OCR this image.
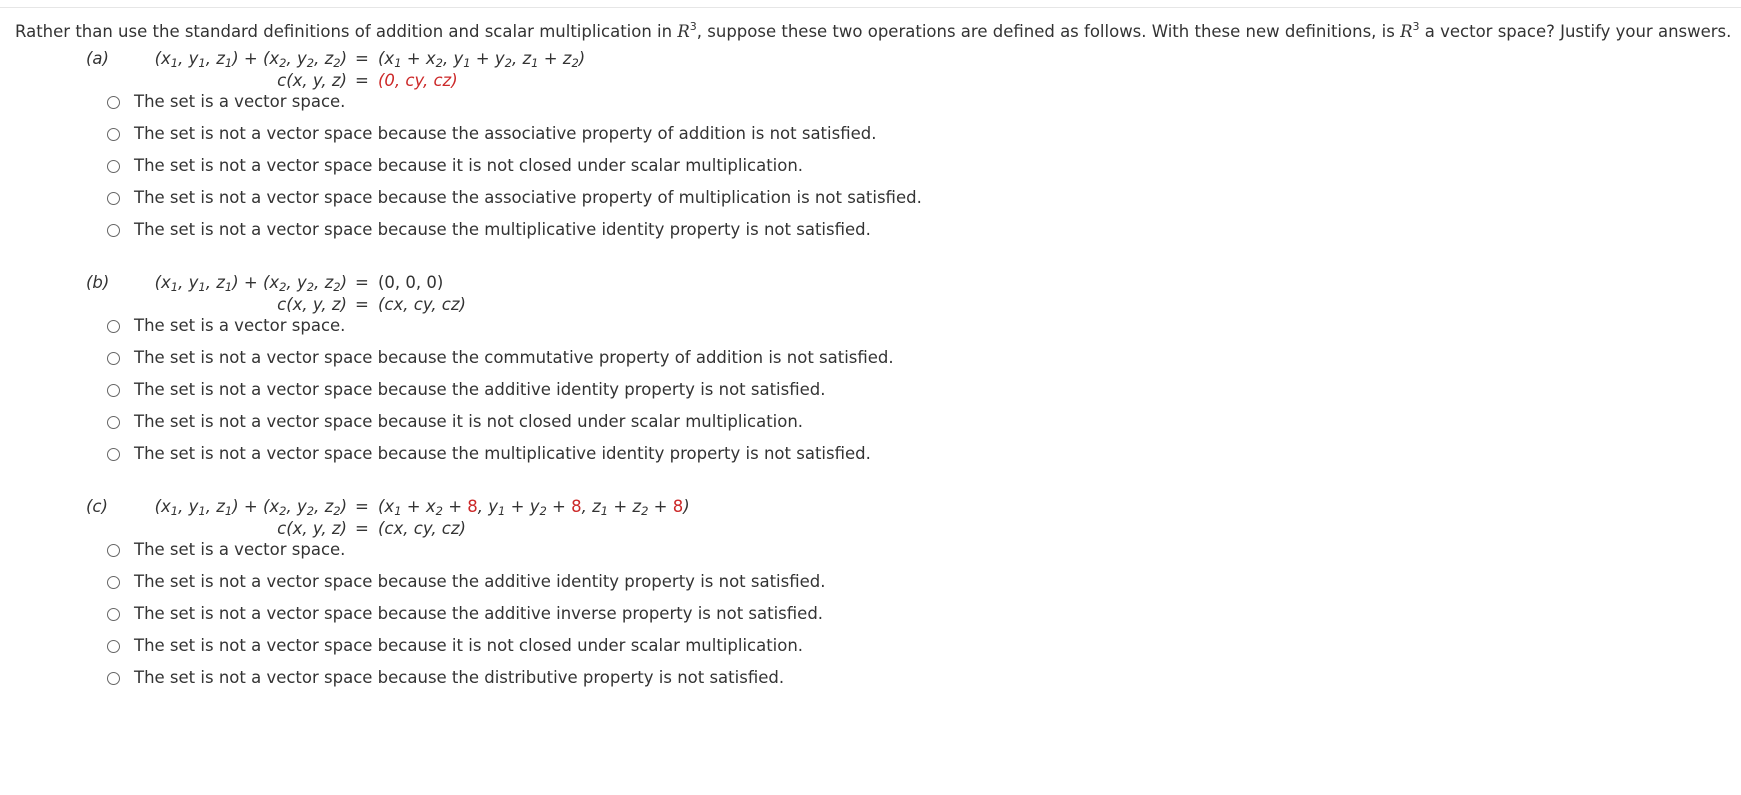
Rather than use the standard definitions of addition and scalar multiplication in $R^3$, suppose these two operations are defined as follows. With these new definitions, is $R^3$ a vector space? Justify your answers.
(a)	($x_1$, $y_1$, $z_1) + (x_2$, $y_2$, $z_2) = (x_1 + x_2$, $y_1 + y_2$, $z_1 + z_2$)
c(x, y, z) = (0, cy, cz)
The set is a vector space.
The set is not a vector space because the associative property of addition is not satisfied.
The set is not a vector space because it is not closed under scalar multiplication.
The set is not a vector space because the associative property of multiplication is not satisfied.
The set is not a vector space because the multiplicative identity property is not satisfied.
(b)	($x_1$, $y_1$, $z_1) + (x_2$, $y_2$, $z_2) = (0$, 0, 0)
c(x, y, z) = (cx, cy, cz)
The set is a vector space.
The set is not a vector space because the commutative property of addition is not satisfied.
The set is not a vector space because the additive identity property is not satisfied.
The set is not a vector space because it is not closed under scalar multiplication.
The set is not a vector space because the multiplicative identity property is not satisfied.
(c)	($x_1$, $y_1$, $z_1) + (x_2$, $y_2$, $z_2) = (x_1 + x_2 + 8$, $y_1 + y_2 + 8$, $z_1 + z_2 + 8$)
c(x, y, z) = (cx, cy, cz)
The set is a vector space.
The set is not a vector space because the additive identity property is not satisfied.
The set is not a vector space because the additive inverse property is not satisfied.
The set is not a vector space because it is not closed under scalar multiplication.
The set is not a vector space because the distributive property is not satisfied.
